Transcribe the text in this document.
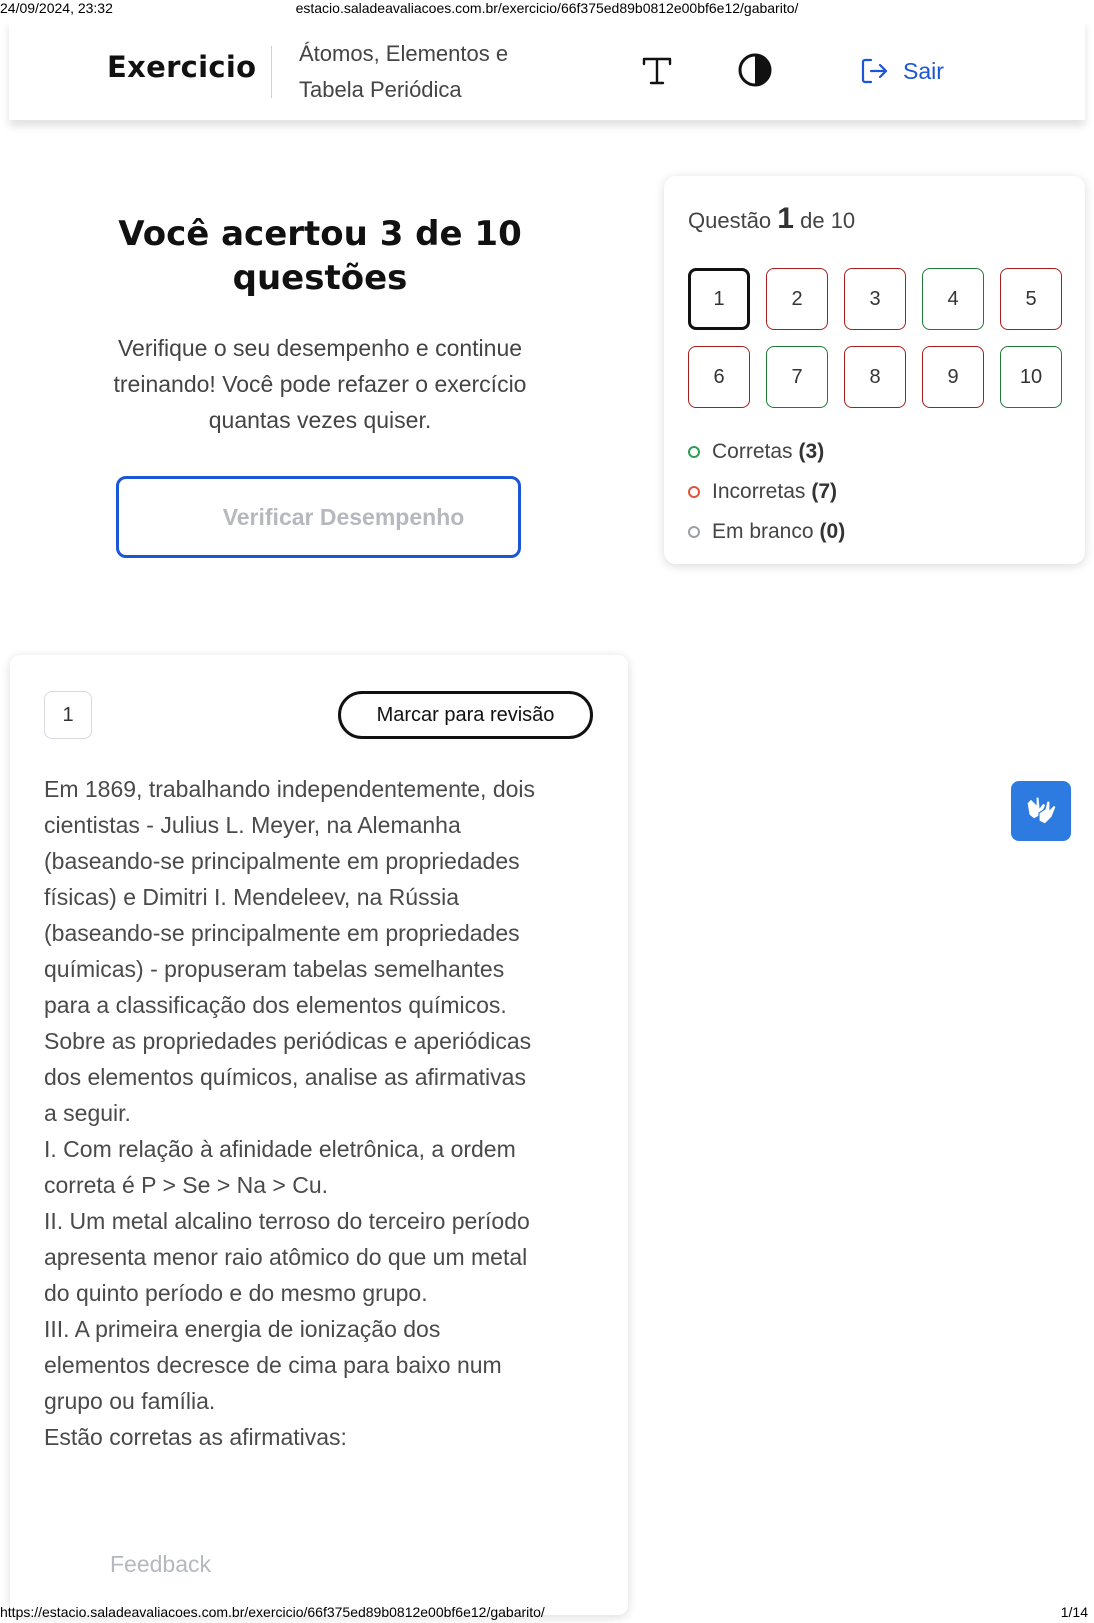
24/09/2024, 23:32	estacio.saladeavaliacoes.com.br/exercicio/66f375ed89b0812e00bf6e12/gabarito/
Exercicio Átomos, Elementos e
Tabela Periódica
Sair
Você acertou 3 de 10
questões
Verifique o seu desempenho e continue
treinando! Você pode refazer o exercício
quantas vezes quiser.
Verificar Desempenho
Questão 1 de 10
1	2	3	4	5
6	7	8	9	10
Corretas (3)
Incorretas (7)
Em branco (0)
1	Marcar para revisão

Em 1869, trabalhando independentemente, dois

cientistas - Julius L. Meyer, na Alemanha

(baseando-se principalmente em propriedades

físicas) e Dimitri I. Mendeleev, na Rússia

(baseando-se principalmente em propriedades

químicas) - propuseram tabelas semelhantes

para a classificação dos elementos químicos.

Sobre as propriedades periódicas e aperiódicas

dos elementos químicos, analise as afirmativas

a seguir.

I. Com relação à afinidade eletrônica, a ordem

correta é P > Se > Na > Cu.

II. Um metal alcalino terroso do terceiro período

apresenta menor raio atômico do que um metal

do quinto período e do mesmo grupo.

III. A primeira energia de ionização dos

elementos decresce de cima para baixo num

grupo ou família.

Estão corretas as afirmativas:

Feedback
https://estacio.saladeavaliacoes.com.br/exercicio/66f375ed89b0812e00bf6e12/gabarito/	1/14
